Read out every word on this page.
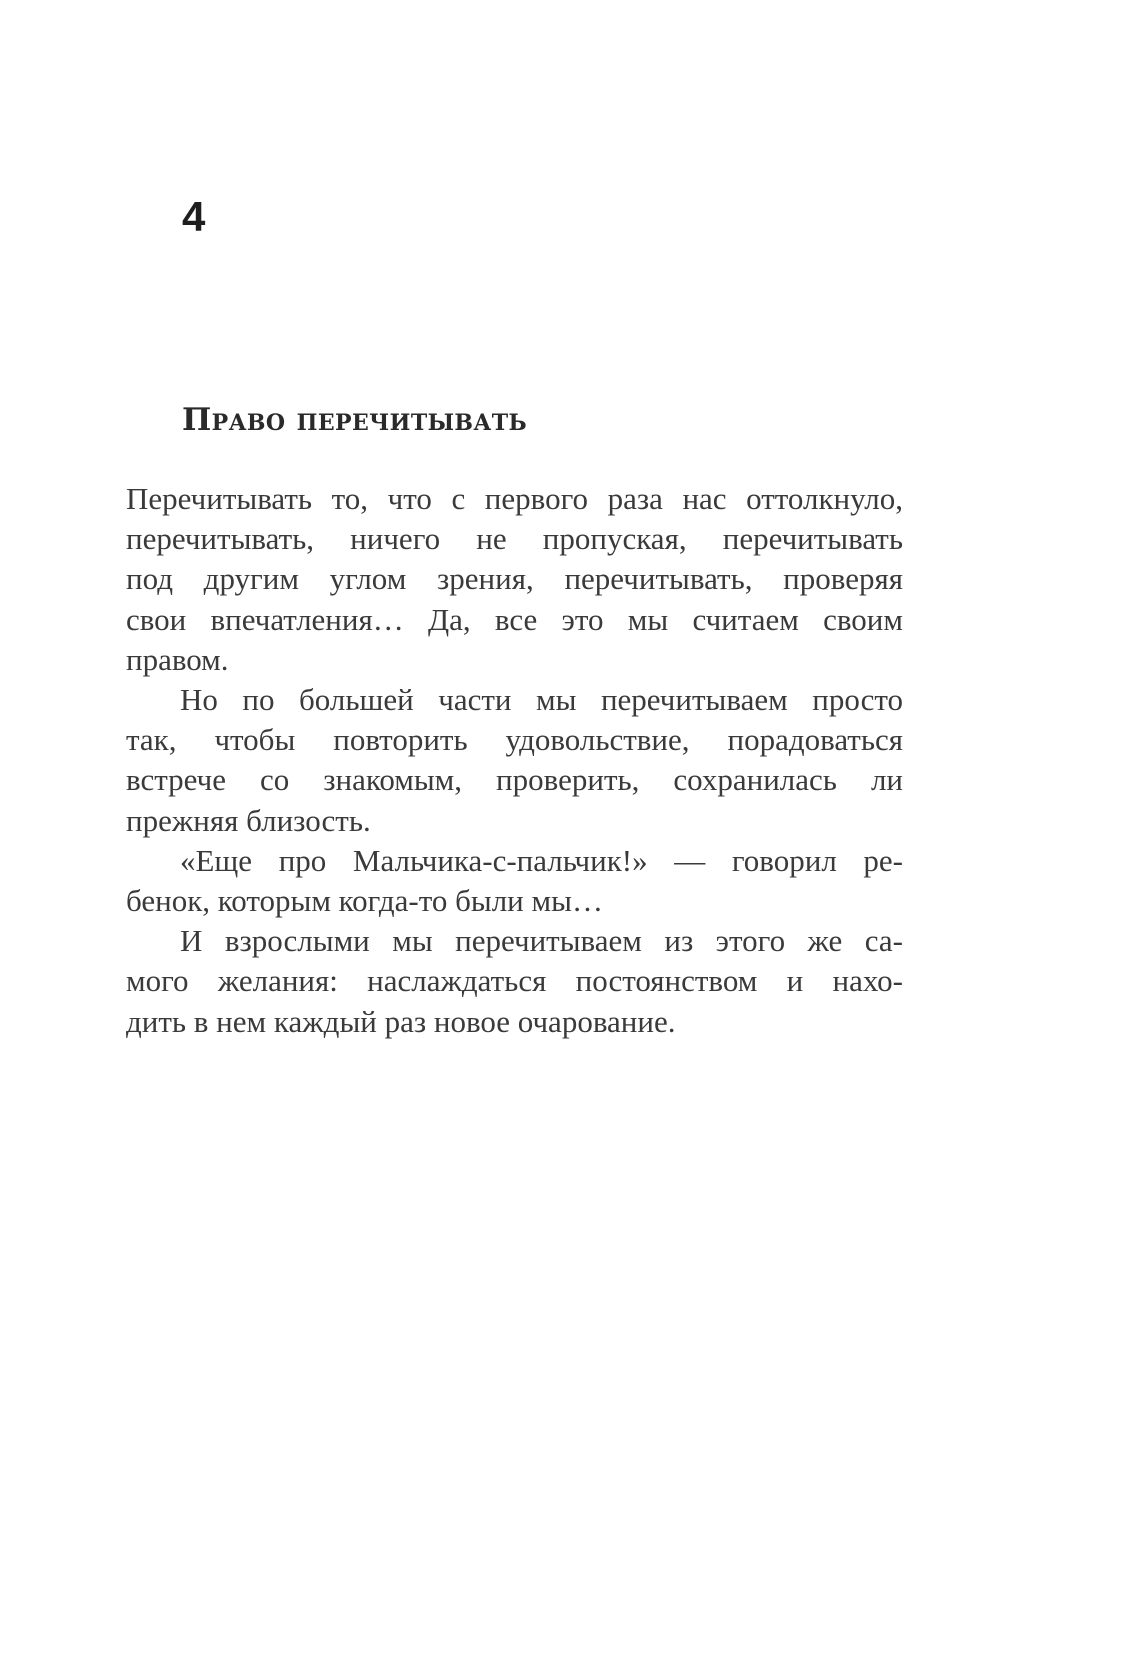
4
Право перечитывать
Перечитывать то, что с первого раза нас оттолкнуло,
перечитывать, ничего не пропуская, перечитывать
под другим углом зрения, перечитывать, проверяя
свои впечатления… Да, все это мы считаем своим
правом.
Но по большей части мы перечитываем просто
так, чтобы повторить удовольствие, порадоваться
встрече со знакомым, проверить, сохранилась ли
прежняя близость.
«Еще про Мальчика-с-пальчик!» — говорил ре-
бенок, которым когда-то были мы…
И взрослыми мы перечитываем из этого же са-
мого желания: наслаждаться постоянством и нахо-
дить в нем каждый раз новое очарование.
